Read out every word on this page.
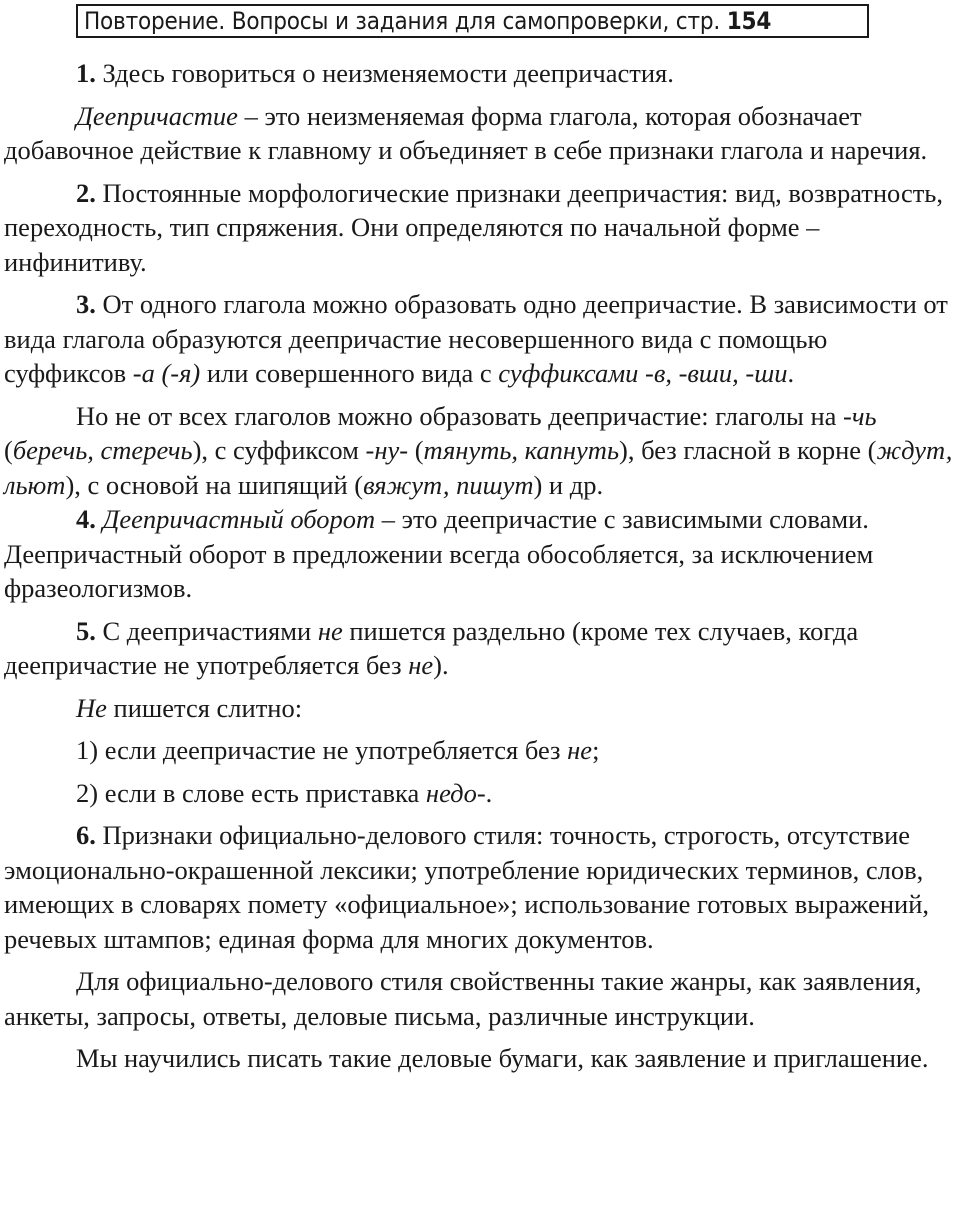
Повторение. Вопросы и задания для самопроверки, стр. 154

1. Здесь говориться о неизменяемости деепричастия.

Деепричастие – это неизменяемая форма глагола, которая обозначает добавочное действие к главному и объединяет в себе признаки глагола и наречия.

2. Постоянные морфологические признаки деепричастия: вид, возвратность, переходность, тип спряжения. Они определяются по начальной форме – инфинитиву.

3. От одного глагола можно образовать одно деепричастие. В зависимости от вида глагола образуются деепричастие несовершенного вида с помощью суффиксов -а (-я) или совершенного вида с суффиксами -в, -вши, -ши.

Но не от всех глаголов можно образовать деепричастие: глаголы на -чь (беречь, стеречь), с суффиксом -ну- (тянуть, капнуть), без гласной в корне (ждут, льют), с основой на шипящий (вяжут, пишут) и др.

4. Деепричастный оборот – это деепричастие с зависимыми словами. Деепричастный оборот в предложении всегда обособляется, за исключением фразеологизмов.

5. С деепричастиями не пишется раздельно (кроме тех случаев, когда деепричастие не употребляется без не).

Не пишется слитно:

1) если деепричастие не употребляется без не;

2) если в слове есть приставка недо-.

6. Признаки официально-делового стиля: точность, строгость, отсутствие эмоционально-окрашенной лексики; употребление юридических терминов, слов, имеющих в словарях помету «официальное»; использование готовых выражений, речевых штампов; единая форма для многих документов.

Для официально-делового стиля свойственны такие жанры, как заявления, анкеты, запросы, ответы, деловые письма, различные инструкции.

Мы научились писать такие деловые бумаги, как заявление и приглашение.
